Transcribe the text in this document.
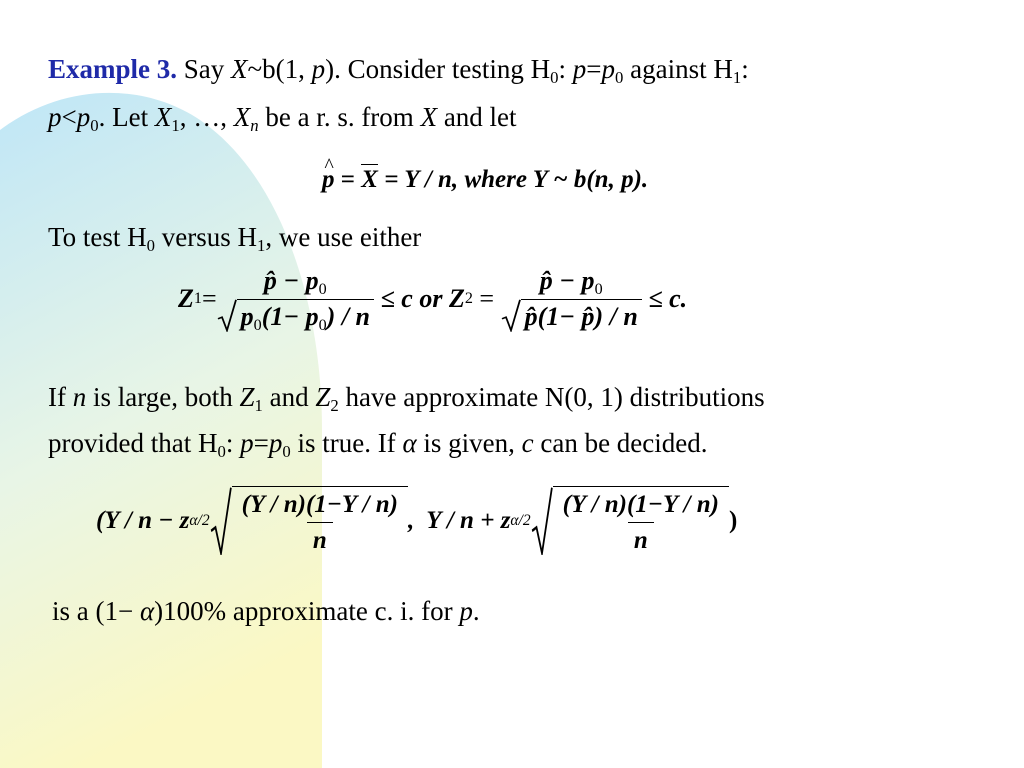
Example 3. Say X~b(1, p). Consider testing $H_0$: $p=p_0$ against $H_1$:
$p<p_0$. Let $X_1$, …, $X_n$ be a r. s. from X and let
^ p = X = Y / n, where Y ~ b(n, p).
To test $H_0$ versus $H_1$, we use either
Z 1 =
p̂ − $p_0$
$p_0(1- p_0) / n$
≤ c or Z 2 =
p̂ − $p_0$
p̂(1− p̂) / n
≤ c.
If n is large, both $Z_1$ and $Z_2$ have approximate N(0, 1) distributions
provided that $H_0$: $p=p_0$ is true. If α is given, c can be decided.
(Y / n − z $\alpha/2 \frac{(Y / n)(1-Y / n)}{n}$ ,  Y / n + z $\alpha/2 \frac{(Y / n)(1-Y / n)}{n}$ )
is a (1− α)100% approximate c. i. for p.
